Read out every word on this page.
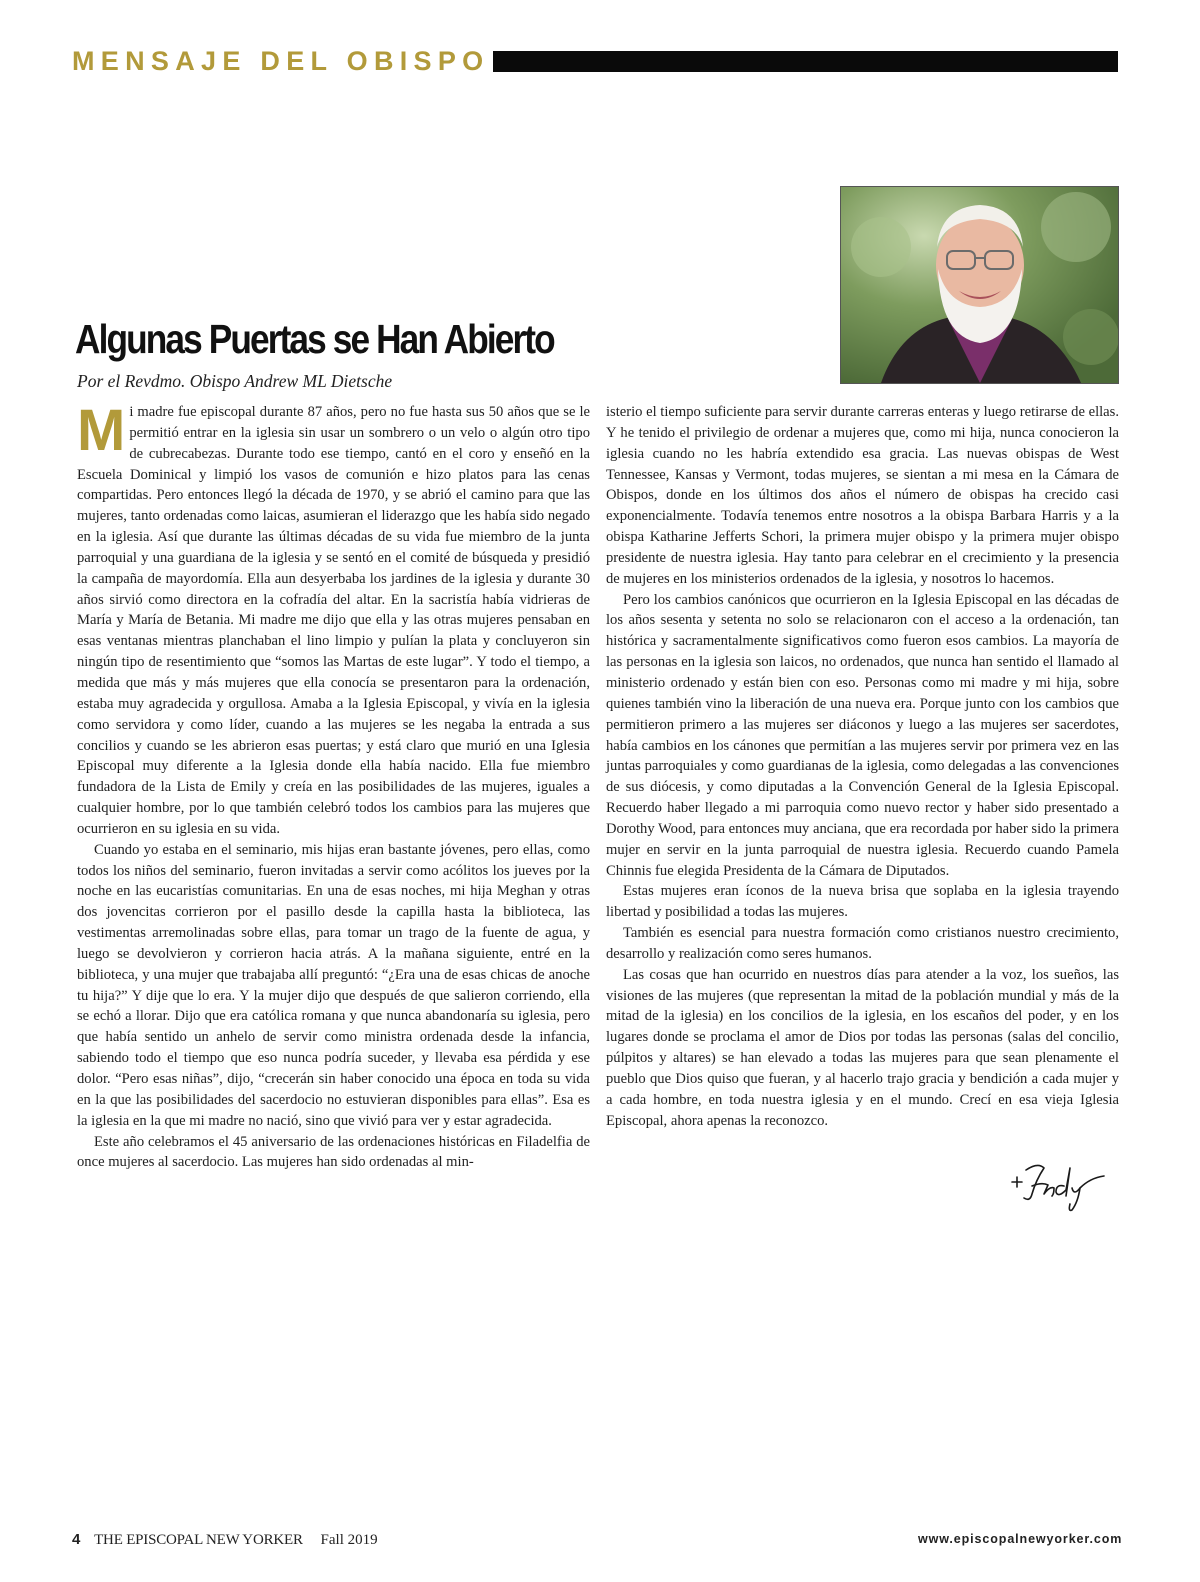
MENSAJE DEL OBISPO
Algunas Puertas se Han Abierto

Por el Revdmo. Obispo Andrew ML Dietsche

Mi madre fue episcopal durante 87 años, pero no fue hasta sus 50 años que se le permitió entrar en la iglesia sin usar un sombrero o un velo o algún otro tipo de cubrecabezas. Durante todo ese tiempo, cantó en el coro y enseñó en la Escuela Dominical y limpió los vasos de comunión e hizo platos para las cenas compartidas. Pero entonces llegó la década de 1970, y se abrió el camino para que las mujeres, tanto ordenadas como laicas, asumieran el liderazgo que les había sido negado en la iglesia. Así que durante las últimas décadas de su vida fue miembro de la junta parroquial y una guardiana de la iglesia y se sentó en el comité de búsqueda y presidió la campaña de mayordomía. Ella aun desyerbaba los jardines de la iglesia y durante 30 años sirvió como directora en la cofradía del altar. En la sacristía había vidrieras de María y María de Betania. Mi madre me dijo que ella y las otras mujeres pensaban en esas ventanas mientras planchaban el lino limpio y pulían la plata y concluyeron sin ningún tipo de resentimiento que “somos las Martas de este lugar”. Y todo el tiempo, a medida que más y más mujeres que ella conocía se presentaron para la ordenación, estaba muy agradecida y orgullosa. Amaba a la Iglesia Episcopal, y vivía en la iglesia como servidora y como líder, cuando a las mujeres se les negaba la entrada a sus concilios y cuando se les abrieron esas puertas; y está claro que murió en una Iglesia Episcopal muy diferente a la Iglesia donde ella había nacido. Ella fue miembro fundadora de la Lista de Emily y creía en las posibilidades de las mujeres, iguales a cualquier hombre, por lo que también celebró todos los cambios para las mujeres que ocurrieron en su iglesia en su vida.

Cuando yo estaba en el seminario, mis hijas eran bastante jóvenes, pero ellas, como todos los niños del seminario, fueron invitadas a servir como acólitos los jueves por la noche en las eucaristías comunitarias. En una de esas noches, mi hija Meghan y otras dos jovencitas corrieron por el pasillo desde la capilla hasta la biblioteca, las vestimentas arremolinadas sobre ellas, para tomar un trago de la fuente de agua, y luego se devolvieron y corrieron hacia atrás. A la mañana siguiente, entré en la biblioteca, y una mujer que trabajaba allí preguntó: “¿Era una de esas chicas de anoche tu hija?” Y dije que lo era. Y la mujer dijo que después de que salieron corriendo, ella se echó a llorar. Dijo que era católica romana y que nunca abandonaría su iglesia, pero que había sentido un anhelo de servir como ministra ordenada desde la infancia, sabiendo todo el tiempo que eso nunca podría suceder, y llevaba esa pérdida y ese dolor. “Pero esas niñas”, dijo, “crecerán sin haber conocido una época en toda su vida en la que las posibilidades del sacerdocio no estuvieran disponibles para ellas”. Esa es la iglesia en la que mi madre no nació, sino que vivió para ver y estar agradecida.

Este año celebramos el 45 aniversario de las ordenaciones históricas en Filadelfia de once mujeres al sacerdocio. Las mujeres han sido ordenadas al min-

isterio el tiempo suficiente para servir durante carreras enteras y luego retirarse de ellas. Y he tenido el privilegio de ordenar a mujeres que, como mi hija, nunca conocieron la iglesia cuando no les habría extendido esa gracia. Las nuevas obispas de West Tennessee, Kansas y Vermont, todas mujeres, se sientan a mi mesa en la Cámara de Obispos, donde en los últimos dos años el número de obispas ha crecido casi exponencialmente. Todavía tenemos entre nosotros a la obispa Barbara Harris y a la obispa Katharine Jefferts Schori, la primera mujer obispo y la primera mujer obispo presidente de nuestra iglesia. Hay tanto para celebrar en el crecimiento y la presencia de mujeres en los ministerios ordenados de la iglesia, y nosotros lo hacemos.

Pero los cambios canónicos que ocurrieron en la Iglesia Episcopal en las décadas de los años sesenta y setenta no solo se relacionaron con el acceso a la ordenación, tan histórica y sacramentalmente significativos como fueron esos cambios. La mayoría de las personas en la iglesia son laicos, no ordenados, que nunca han sentido el llamado al ministerio ordenado y están bien con eso. Personas como mi madre y mi hija, sobre quienes también vino la liberación de una nueva era. Porque junto con los cambios que permitieron primero a las mujeres ser diáconos y luego a las mujeres ser sacerdotes, había cambios en los cánones que permitían a las mujeres servir por primera vez en las juntas parroquiales y como guardianas de la iglesia, como delegadas a las convenciones de sus diócesis, y como diputadas a la Convención General de la Iglesia Episcopal. Recuerdo haber llegado a mi parroquia como nuevo rector y haber sido presentado a Dorothy Wood, para entonces muy anciana, que era recordada por haber sido la primera mujer en servir en la junta parroquial de nuestra iglesia. Recuerdo cuando Pamela Chinnis fue elegida Presidenta de la Cámara de Diputados.

Estas mujeres eran íconos de la nueva brisa que soplaba en la iglesia trayendo libertad y posibilidad a todas las mujeres.

También es esencial para nuestra formación como cristianos nuestro crecimiento, desarrollo y realización como seres humanos.

Las cosas que han ocurrido en nuestros días para atender a la voz, los sueños, las visiones de las mujeres (que representan la mitad de la población mundial y más de la mitad de la iglesia) en los concilios de la iglesia, en los escaños del poder, y en los lugares donde se proclama el amor de Dios por todas las personas (salas del concilio, púlpitos y altares) se han elevado a todas las mujeres para que sean plenamente el pueblo que Dios quiso que fueran, y al hacerlo trajo gracia y bendición a cada mujer y a cada hombre, en toda nuestra iglesia y en el mundo. Crecí en esa vieja Iglesia Episcopal, ahora apenas la reconozco.

4 THE EPISCOPAL NEW YORKER Fall 2019	www.episcopalnewyorker.com
